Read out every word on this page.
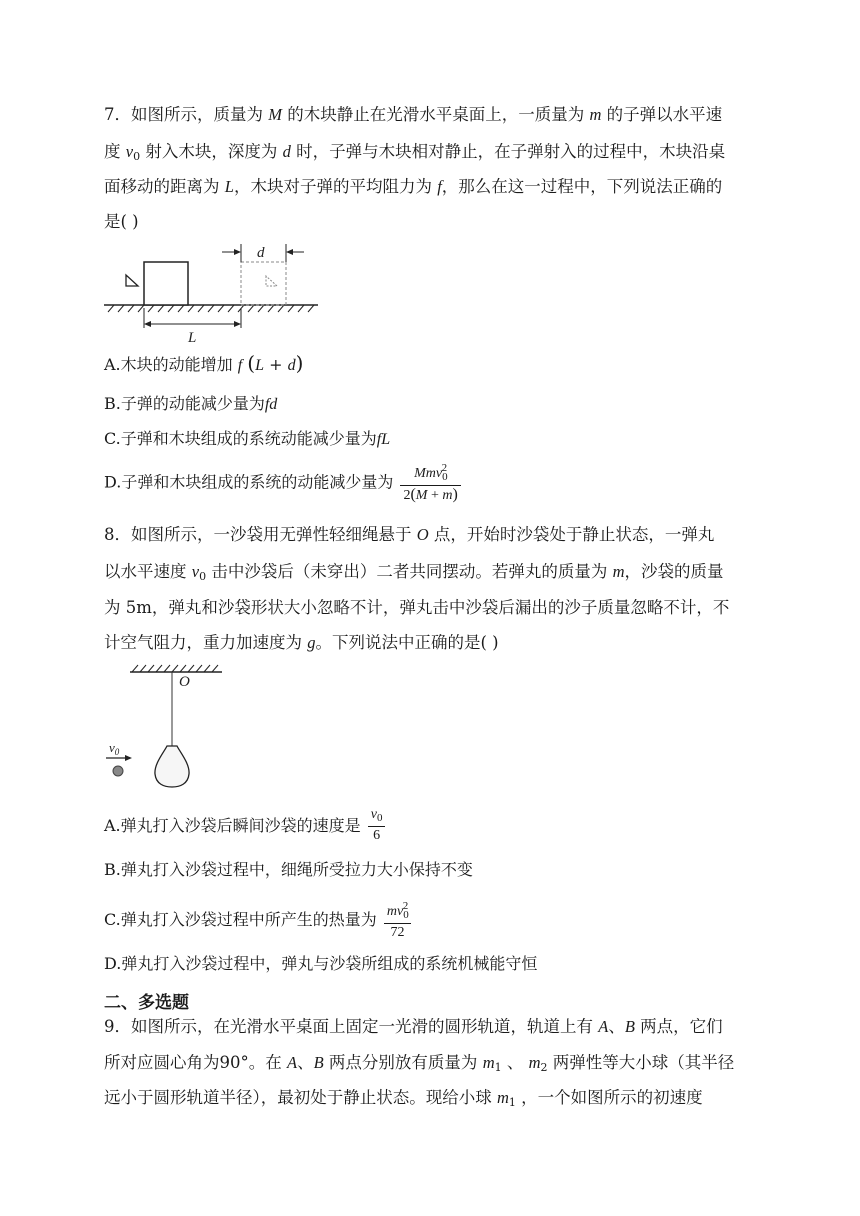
7．如图所示，质量为 M 的木块静止在光滑水平桌面上，一质量为 m 的子弹以水平速
度 $v_0$ 射入木块，深度为 d 时，子弹与木块相对静止，在子弹射入的过程中，木块沿桌
面移动的距离为 L，木块对子弹的平均阻力为 f，那么在这一过程中，下列说法正确的
是( )
d
L
A.木块的动能增加 f (L + d)
B.子弹的动能减少量为fd
C.子弹和木块组成的系统动能减少量为fL
D.子弹和木块组成的系统的动能减少量为 $\frac{Mmv_0^2}{2(M + m)}$
8．如图所示，一沙袋用无弹性轻细绳悬于 O 点，开始时沙袋处于静止状态，一弹丸
以水平速度 $v_0$ 击中沙袋后（未穿出）二者共同摆动。若弹丸的质量为 m，沙袋的质量
为 5m，弹丸和沙袋形状大小忽略不计，弹丸击中沙袋后漏出的沙子质量忽略不计，不
计空气阻力，重力加速度为 g。下列说法中正确的是( )
O
$v_0$
A.弹丸打入沙袋后瞬间沙袋的速度是 $\frac{v_0}{6}$
B.弹丸打入沙袋过程中，细绳所受拉力大小保持不变
C.弹丸打入沙袋过程中所产生的热量为 $\frac{mv_0^2}{72}$
D.弹丸打入沙袋过程中，弹丸与沙袋所组成的系统机械能守恒
二、多选题
9．如图所示，在光滑水平桌面上固定一光滑的圆形轨道，轨道上有 A、B 两点，它们
所对应圆心角为90°。在 A、B 两点分别放有质量为 $m_1$ 、 $m_2$ 两弹性等大小球（其半径
远小于圆形轨道半径），最初处于静止状态。现给小球 $m_1$ ，一个如图所示的初速度
